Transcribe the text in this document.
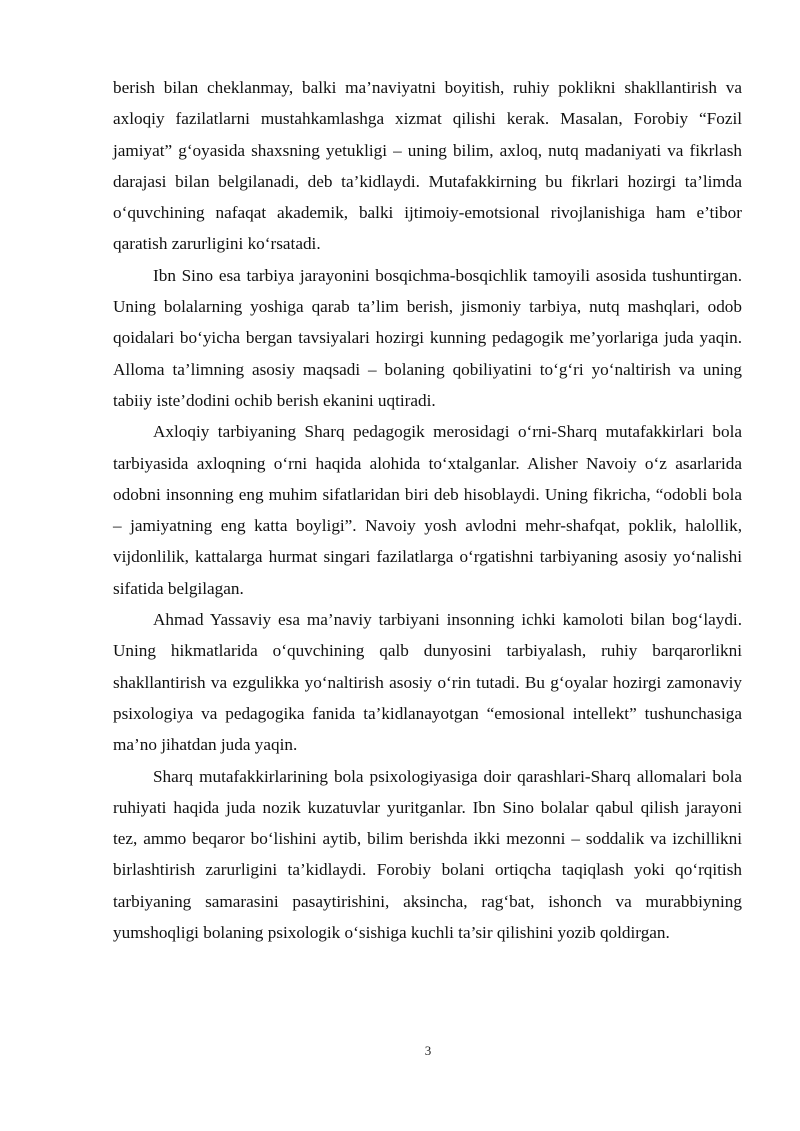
berish bilan cheklanmay, balki ma’naviyatni boyitish, ruhiy poklikni shakllantirish va axloqiy fazilatlarni mustahkamlashga xizmat qilishi kerak. Masalan, Forobiy “Fozil jamiyat” g‘oyasida shaxsning yetukligi – uning bilim, axloq, nutq madaniyati va fikrlash darajasi bilan belgilanadi, deb ta’kidlaydi. Mutafakkirning bu fikrlari hozirgi ta’limda o‘quvchining nafaqat akademik, balki ijtimoiy-emotsional rivojlanishiga ham e’tibor qaratish zarurligini ko‘rsatadi.

Ibn Sino esa tarbiya jarayonini bosqichma-bosqichlik tamoyili asosida tushuntirgan. Uning bolalarning yoshiga qarab ta’lim berish, jismoniy tarbiya, nutq mashqlari, odob qoidalari bo‘yicha bergan tavsiyalari hozirgi kunning pedagogik me’yorlariga juda yaqin. Alloma ta’limning asosiy maqsadi – bolaning qobiliyatini to‘g‘ri yo‘naltirish va uning tabiiy iste’dodini ochib berish ekanini uqtiradi.

Axloqiy tarbiyaning Sharq pedagogik merosidagi o‘rni-Sharq mutafakkirlari bola tarbiyasida axloqning o‘rni haqida alohida to‘xtalganlar. Alisher Navoiy o‘z asarlarida odobni insonning eng muhim sifatlaridan biri deb hisoblaydi. Uning fikricha, “odobli bola – jamiyatning eng katta boyligi”. Navoiy yosh avlodni mehr-shafqat, poklik, halollik, vijdonlilik, kattalarga hurmat singari fazilatlarga o‘rgatishni tarbiyaning asosiy yo‘nalishi sifatida belgilagan.

Ahmad Yassaviy esa ma’naviy tarbiyani insonning ichki kamoloti bilan bog‘laydi. Uning hikmatlarida o‘quvchining qalb dunyosini tarbiyalash, ruhiy barqarorlikni shakllantirish va ezgulikka yo‘naltirish asosiy o‘rin tutadi. Bu g‘oyalar hozirgi zamonaviy psixologiya va pedagogika fanida ta’kidlanayotgan “emosional intellekt” tushunchasiga ma’no jihatdan juda yaqin.

Sharq mutafakkirlarining bola psixologiyasiga doir qarashlari-Sharq allomalari bola ruhiyati haqida juda nozik kuzatuvlar yuritganlar. Ibn Sino bolalar qabul qilish jarayoni tez, ammo beqaror bo‘lishini aytib, bilim berishda ikki mezonni – soddalik va izchillikni birlashtirish zarurligini ta’kidlaydi. Forobiy bolani ortiqcha taqiqlash yoki qo‘rqitish tarbiyaning samarasini pasaytirishini, aksincha, rag‘bat, ishonch va murabbiyning yumshoqligi bolaning psixologik o‘sishiga kuchli ta’sir qilishini yozib qoldirgan.

3
